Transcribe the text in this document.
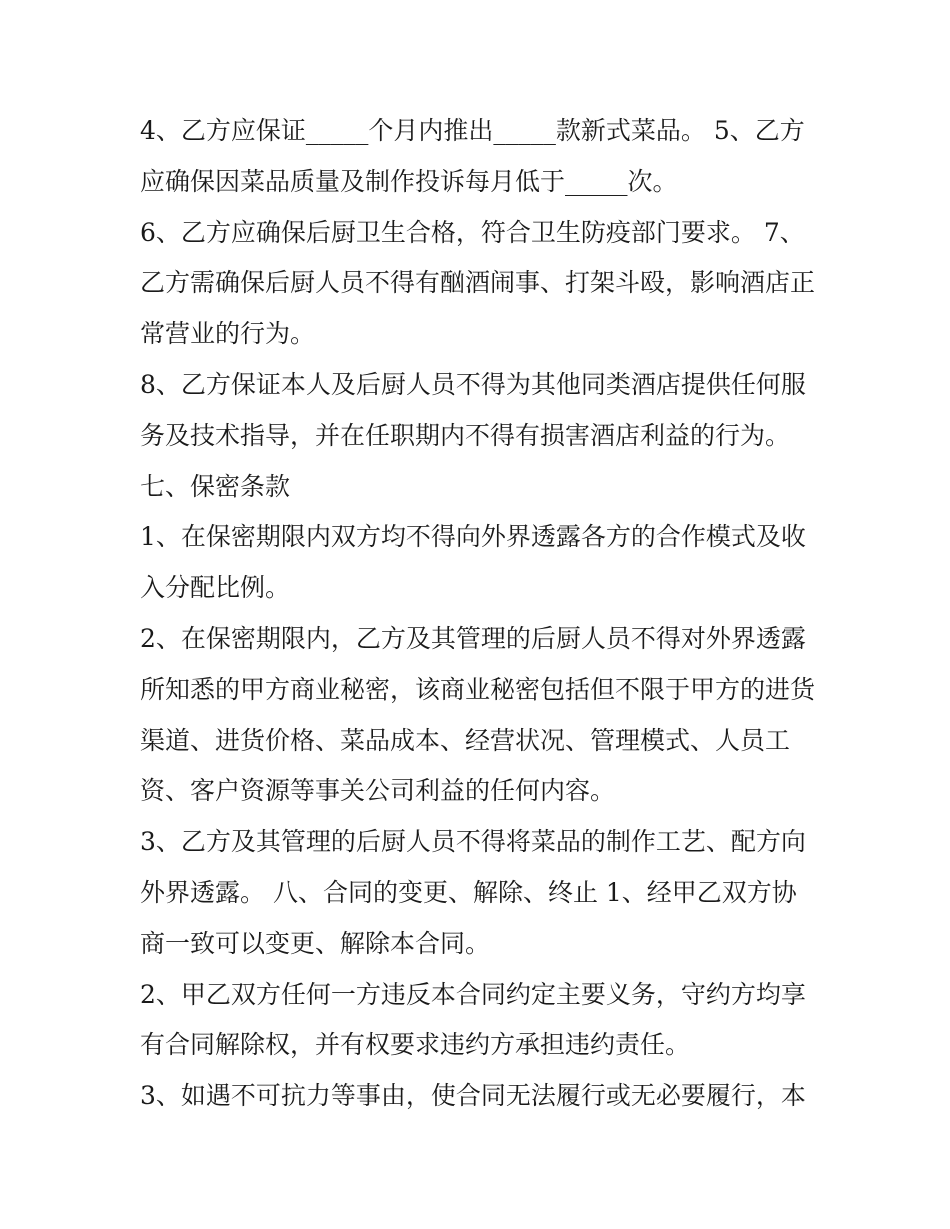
4、乙方应保证_____个月内推出_____款新式菜品。 5、乙方应确保因菜品质量及制作投诉每月低于_____次。

6、乙方应确保后厨卫生合格，符合卫生防疫部门要求。 7、乙方需确保后厨人员不得有酗酒闹事、打架斗殴，影响酒店正常营业的行为。

8、乙方保证本人及后厨人员不得为其他同类酒店提供任何服务及技术指导，并在任职期内不得有损害酒店利益的行为。

七、保密条款

1、在保密期限内双方均不得向外界透露各方的合作模式及收入分配比例。

2、在保密期限内，乙方及其管理的后厨人员不得对外界透露所知悉的甲方商业秘密，该商业秘密包括但不限于甲方的进货渠道、进货价格、菜品成本、经营状况、管理模式、人员工资、客户资源等事关公司利益的任何内容。

3、乙方及其管理的后厨人员不得将菜品的制作工艺、配方向外界透露。 八、合同的变更、解除、终止 1、经甲乙双方协商一致可以变更、解除本合同。

2、甲乙双方任何一方违反本合同约定主要义务，守约方均享有合同解除权，并有权要求违约方承担违约责任。

3、如遇不可抗力等事由，使合同无法履行或无必要履行，本
